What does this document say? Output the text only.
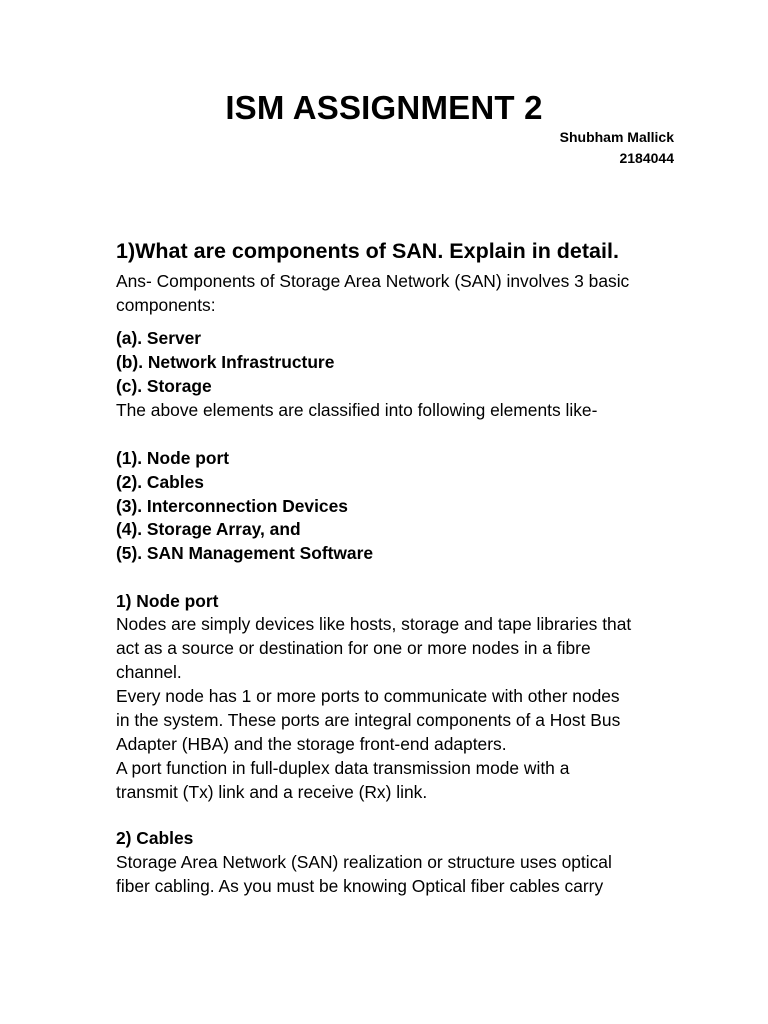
ISM ASSIGNMENT 2
Shubham Mallick
2184044
1)What are components of SAN. Explain in detail.
Ans- Components of Storage Area Network (SAN) involves 3 basic
components:
(a). Server
(b). Network Infrastructure
(c). Storage
The above elements are classified into following elements like-
(1). Node port
(2). Cables
(3). Interconnection Devices
(4). Storage Array, and
(5). SAN Management Software
1) Node port
Nodes are simply devices like hosts, storage and tape libraries that
act as a source or destination for one or more nodes in a fibre
channel.
Every node has 1 or more ports to communicate with other nodes
in the system. These ports are integral components of a Host Bus
Adapter (HBA) and the storage front-end adapters.
A port function in full-duplex data transmission mode with a
transmit (Tx) link and a receive (Rx) link.
2) Cables
Storage Area Network (SAN) realization or structure uses optical
fiber cabling. As you must be knowing Optical fiber cables carry
